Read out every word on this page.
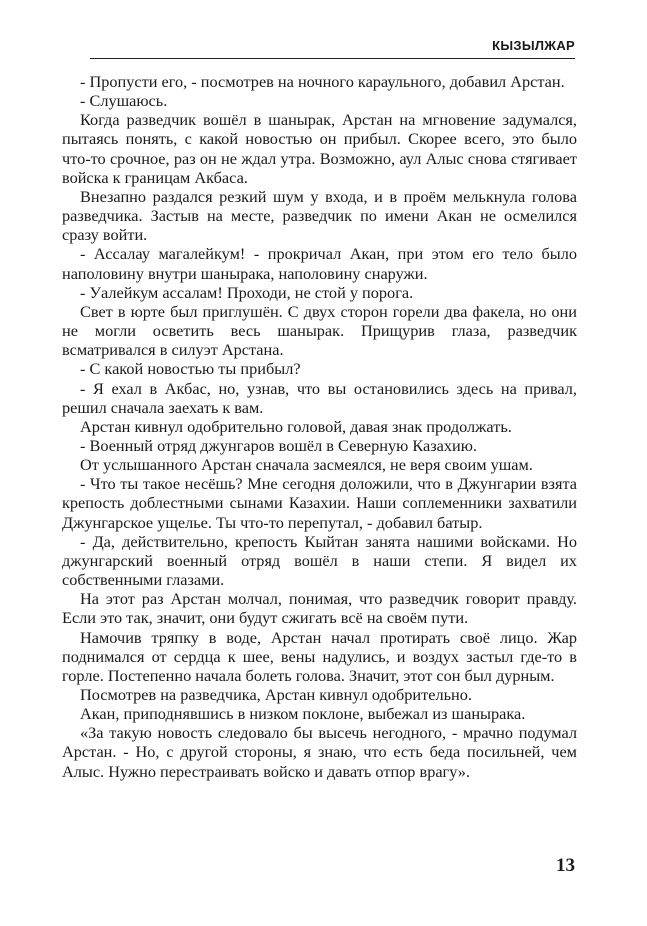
КЫЗЫЛЖАР

- Пропусти его, - посмотрев на ночного караульного, добавил Арстан.

- Слушаюсь.

Когда разведчик вошёл в шанырак, Арстан на мгновение задумался, пытаясь понять, с какой новостью он прибыл. Скорее всего, это было что-то срочное, раз он не ждал утра. Возможно, аул Алыс снова стягивает войска к границам Акбаса.

Внезапно раздался резкий шум у входа, и в проём мелькнула голова разведчика. Застыв на месте, разведчик по имени Акан не осмелился сразу войти.

- Ассалау магалейкум! - прокричал Акан, при этом его тело было наполовину внутри шанырака, наполовину снаружи.

- Уалейкум ассалам! Проходи, не стой у порога.

Свет в юрте был приглушён. С двух сторон горели два факела, но они не могли осветить весь шанырак. Прищурив глаза, разведчик всматривался в силуэт Арстана.

- С какой новостью ты прибыл?

- Я ехал в Акбас, но, узнав, что вы остановились здесь на привал, решил сначала заехать к вам.

Арстан кивнул одобрительно головой, давая знак продолжать.

- Военный отряд джунгаров вошёл в Северную Казахию.

От услышанного Арстан сначала засмеялся, не веря своим ушам.

- Что ты такое несёшь? Мне сегодня доложили, что в Джунгарии взята крепость доблестными сынами Казахии. Наши соплеменники захватили Джунгарское ущелье. Ты что-то перепутал, - добавил батыр.

- Да, действительно, крепость Кыйтан занята нашими войсками. Но джунгарский военный отряд вошёл в наши степи. Я видел их собственными глазами.

На этот раз Арстан молчал, понимая, что разведчик говорит правду. Если это так, значит, они будут сжигать всё на своём пути.

Намочив тряпку в воде, Арстан начал протирать своё лицо. Жар поднимался от сердца к шее, вены надулись, и воздух застыл где-то в горле. Постепенно начала болеть голова. Значит, этот сон был дурным.

Посмотрев на разведчика, Арстан кивнул одобрительно.

Акан, приподнявшись в низком поклоне, выбежал из шанырака.

«За такую новость следовало бы высечь негодного, - мрачно подумал Арстан. - Но, с другой стороны, я знаю, что есть беда посильней, чем Алыс. Нужно перестраивать войско и давать отпор врагу».

13
